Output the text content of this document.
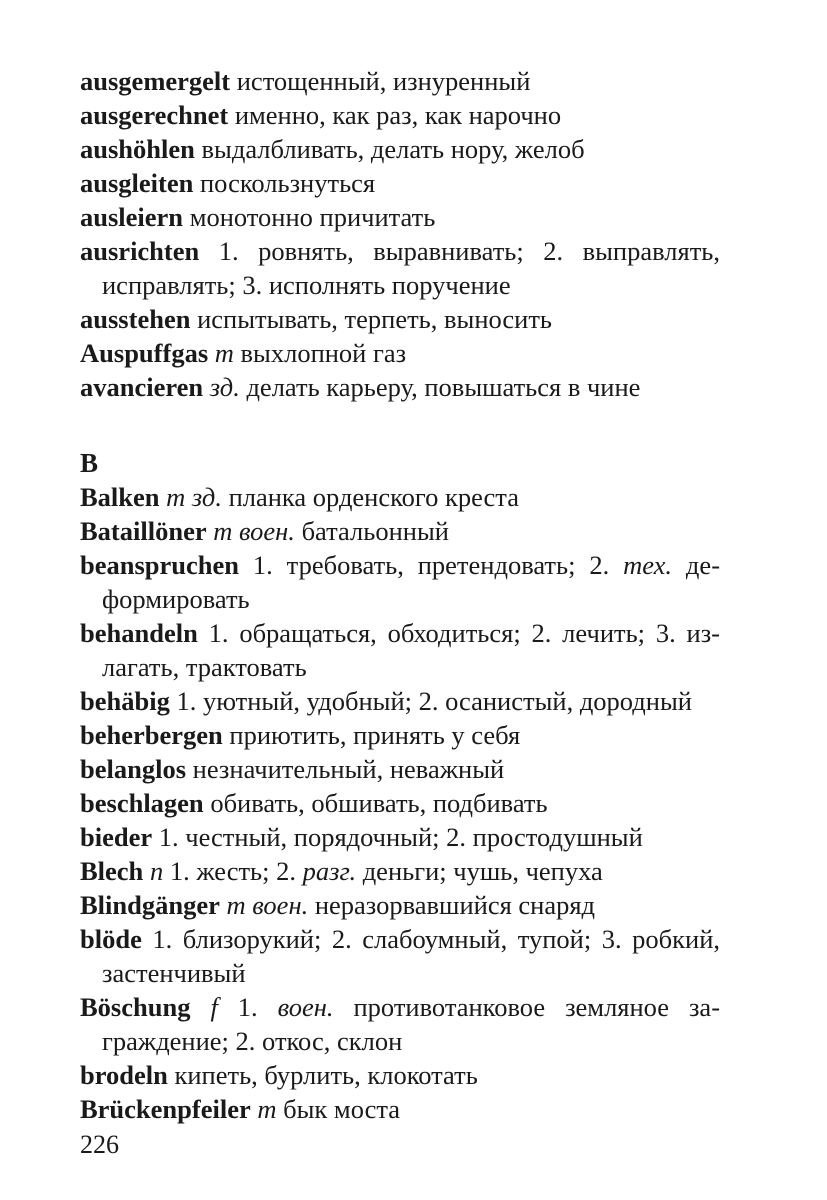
ausgemergelt истощенный, изнуренный

ausgerechnet именно, как раз, как нарочно

aushöhlen выдалбливать, делать нору, желоб

ausgleiten поскользнуться

ausleiern монотонно причитать

ausrichten 1. ровнять, выравнивать; 2. выправлять, исправлять; 3. исполнять поручение

ausstehen испытывать, терпеть, выносить

Auspuffgas m выхлопной газ

avancieren зд. делать карьеру, повышаться в чине

B

Balken m зд. планка орденского креста

Bataillöner m воен. батальонный

beanspruchen 1. требовать, претендовать; 2. тех. деформировать

behandeln 1. обращаться, обходиться; 2. лечить; 3. излагать, трактовать

behäbig 1. уютный, удобный; 2. осанистый, дородный

beherbergen приютить, принять у себя

belanglos незначительный, неважный

beschlagen обивать, обшивать, подбивать

bieder 1. честный, порядочный; 2. простодушный

Blech n 1. жесть; 2. разг. деньги; чушь, чепуха

Blindgänger m воен. неразорвавшийся снаряд

blöde 1. близорукий; 2. слабоумный, тупой; 3. робкий, застенчивый

Böschung f 1. воен. противотанковое земляное заграждение; 2. откос, склон

brodeln кипеть, бурлить, клокотать

Brückenpfeiler m бык моста

226
